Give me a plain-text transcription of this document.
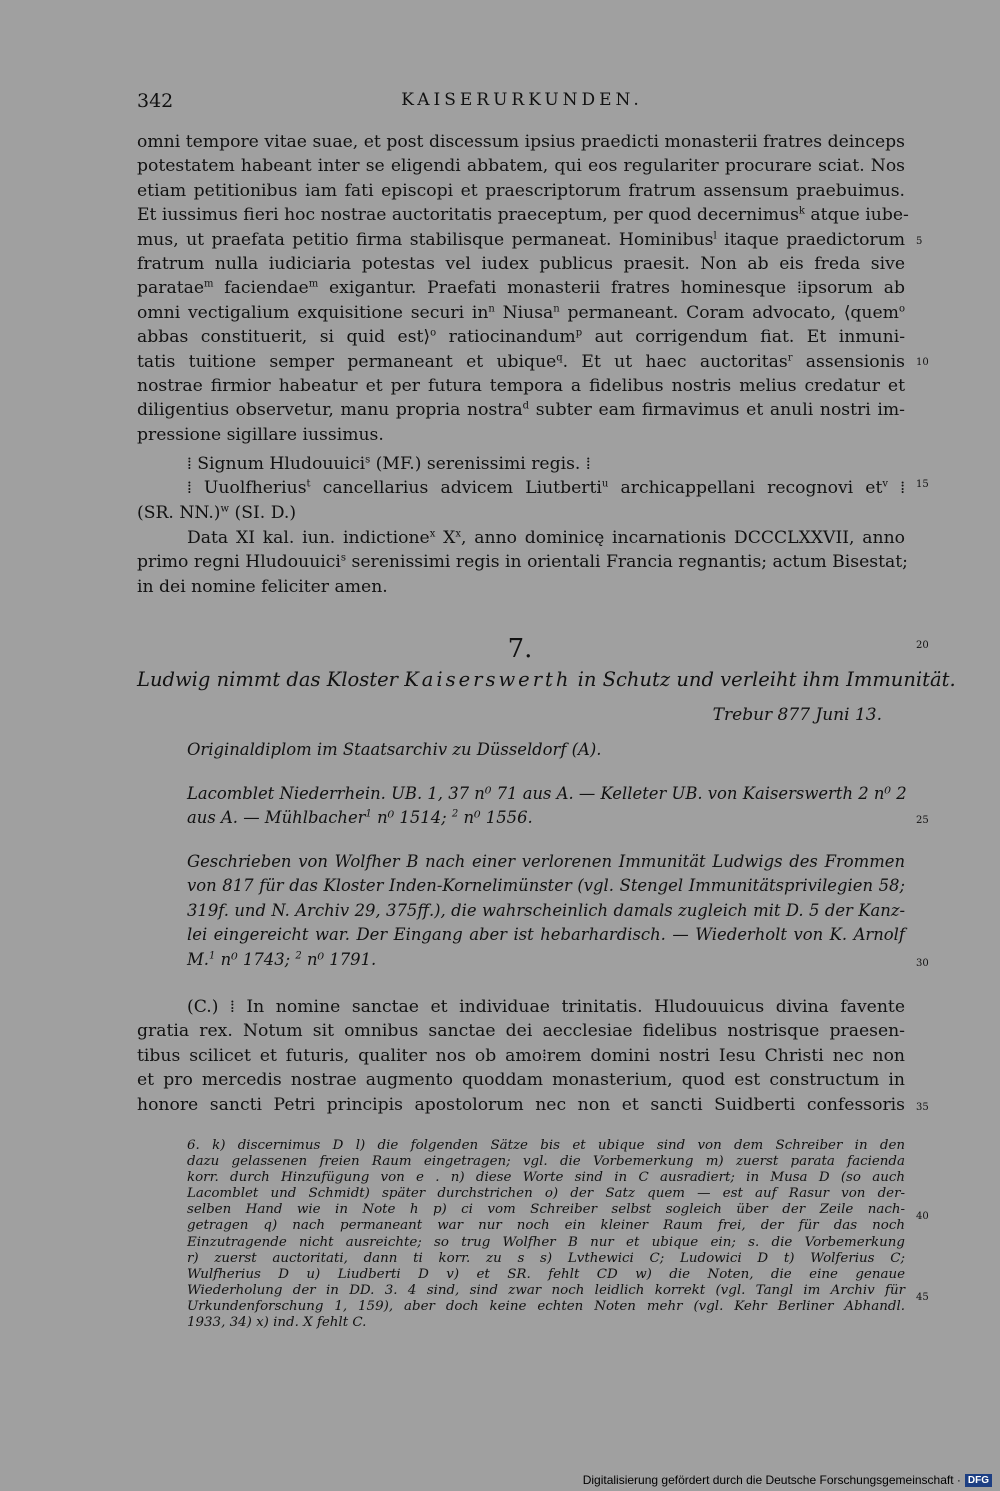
342	KAISERURKUNDEN.
omni tempore vitae suae, et post discessum ipsius praedicti monasterii fratres deinceps
potestatem habeant inter se eligendi abbatem, qui eos regulariter procurare sciat. Nos
etiam petitionibus iam fati episcopi et praescriptorum fratrum assensum praebuimus.
Et iussimus fieri hoc nostrae auctoritatis praeceptum, per quod decernimus$^k$ atque iube-
mus, ut praefata petitio firma stabilisque permaneat. Hominibus$^l$ itaque praedictorum
fratrum nulla iudiciaria potestas vel iudex publicus praesit. Non ab eis freda sive
paratae$^m$ faciendae$^m$ exigantur. Praefati monasterii fratres hominesque ⁞ipsorum ab
omni vectigalium exquisitione securi $in^n$ Niusa$^n$ permaneant. Coram advocato, ⟨quem$^o$
abbas constituerit, si quid est⟩$^o$ ratiocinandum$^p$ aut corrigendum fiat. Et inmuni-
tatis tuitione semper permaneant et ubique$^q$. Et ut haec auctoritas$^r$ assensionis
nostrae firmior habeatur et per futura tempora a fidelibus nostris melius credatur et
diligentius observetur, manu propria nostra$^d$ subter eam firmavimus et anuli nostri im-
pressione sigillare iussimus.
⁞ Signum Hludouuici$^s$ (MF.) serenissimi regis. ⁞
⁞ Uuolfherius$^t$ cancellarius advicem Liutberti$^u$ archicappellani recognovi $et^v$ ⁞
(SR. NN.)$^w$ (SI. D.)
Data XI kal. iun. indictione$^x$ $X^x$, anno dominicę incarnationis DCCCLXXVII, anno
primo regni Hludouuici$^s$ serenissimi regis in orientali Francia regnantis; actum Bisestat;
in dei nomine feliciter amen.
7.
Ludwig nimmt das Kloster Kaiserswerth in Schutz und verleiht ihm Immunität.
Trebur 877 Juni 13.
Originaldiplom im Staatsarchiv zu Düsseldorf (A).
Lacomblet Niederrhein. UB. 1, 37 n⁰ 71 aus A. — Kelleter UB. von Kaiserswerth 2 n⁰ 2
aus A. — Mühlbacher$^1$ n⁰ 1514; $^2$ n⁰ 1556.
Geschrieben von Wolfher B nach einer verlorenen Immunität Ludwigs des Frommen
von 817 für das Kloster Inden-Kornelimünster (vgl. Stengel Immunitätsprivilegien 58;
319f. und N. Archiv 29, 375ff.), die wahrscheinlich damals zugleich mit D. 5 der Kanz-
lei eingereicht war. Der Eingang aber ist hebarhardisch. — Wiederholt von K. Arnolf
M.$^1$ n⁰ 1743; $^2$ n⁰ 1791.
(C.) ⁞ In nomine sanctae et individuae trinitatis. Hludouuicus divina favente
gratia rex. Notum sit omnibus sanctae dei aecclesiae fidelibus nostrisque praesen-
tibus scilicet et futuris, qualiter nos ob amo⁞rem domini nostri Iesu Christi nec non
et pro mercedis nostrae augmento quoddam monasterium, quod est constructum in
honore sancti Petri principis apostolorum nec non et sancti Suidberti confessoris
6. k) discernimus D l) die folgenden Sätze bis et ubique sind von dem Schreiber in den
dazu gelassenen freien Raum eingetragen; vgl. die Vorbemerkung m) zuerst parata facienda
korr. durch Hinzufügung von e . n) diese Worte sind in C ausradiert; in Musa D (so auch
Lacomblet und Schmidt) später durchstrichen o) der Satz quem — est auf Rasur von der-
selben Hand wie in Note h p) ci vom Schreiber selbst sogleich über der Zeile nach-
getragen q) nach permaneant war nur noch ein kleiner Raum frei, der für das noch
Einzutragende nicht ausreichte; so trug Wolfher B nur et ubique ein; s. die Vorbemerkung
r) zuerst auctoritati, dann ti korr. zu s s) Lvthewici C; Ludowici D t) Wolferius C;
Wulfherius D u) Liudberti D v) et SR. fehlt CD w) die Noten, die eine genaue
Wiederholung der in DD. 3. 4 sind, sind zwar noch leidlich korrekt (vgl. Tangl im Archiv für
Urkundenforschung 1, 159), aber doch keine echten Noten mehr (vgl. Kehr Berliner Abhandl.
1933, 34) x) ind. X fehlt C.
5
10
15
20
25
30
35
40
45
Digitalisierung gefördert durch die Deutsche Forschungsgemeinschaft · DFG
